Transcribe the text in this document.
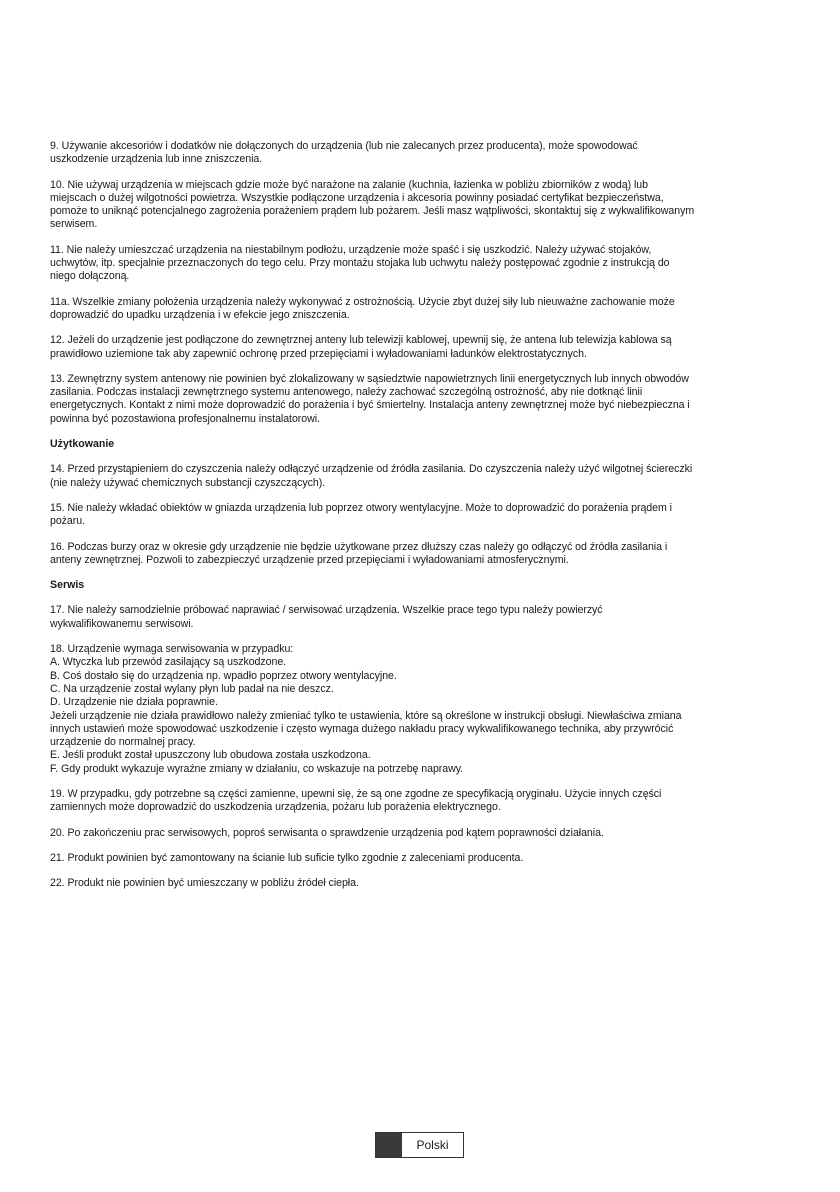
9. Używanie akcesoriów i dodatków nie dołączonych do urządzenia (lub nie zalecanych przez producenta), może spowodować
uszkodzenie urządzenia lub inne zniszczenia.

10. Nie używaj urządzenia w miejscach gdzie może być narażone na zalanie (kuchnia, łazienka w pobliżu zbiorników z wodą) lub
miejscach o dużej wilgotności powietrza. Wszystkie podłączone urządzenia i akcesoria powinny posiadać certyfikat bezpieczeństwa,
pomoże to uniknąć potencjalnego zagrożenia porażeniem prądem lub pożarem. Jeśli masz wątpliwości, skontaktuj się z wykwalifikowanym
serwisem.

11. Nie należy umieszczać urządzenia na niestabilnym podłożu, urządzenie może spaść i się uszkodzić. Należy używać stojaków,
uchwytów, itp. specjalnie przeznaczonych do tego celu. Przy montażu stojaka lub uchwytu należy postępować zgodnie z instrukcją do
niego dołączoną.

11a. Wszelkie zmiany położenia urządzenia należy wykonywać z ostrożnością. Użycie zbyt dużej siły lub nieuważne zachowanie może
doprowadzić do upadku urządzenia i w efekcie jego zniszczenia.

12. Jeżeli do urządzenie jest podłączone do zewnętrznej anteny lub telewizji kablowej, upewnij się, że antena lub telewizja kablowa są
prawidłowo uziemione tak aby zapewnić ochronę przed przepięciami i wyładowaniami ładunków elektrostatycznych.

13. Zewnętrzny system antenowy nie powinien być zlokalizowany w sąsiedztwie napowietrznych linii energetycznych lub innych obwodów
zasilania. Podczas instalacji zewnętrznego systemu antenowego, należy zachować szczególną ostrożność, aby nie dotknąć linii
energetycznych. Kontakt z nimi może doprowadzić do porażenia i być śmiertelny. Instalacja anteny zewnętrznej może być niebezpieczna i
powinna być pozostawiona profesjonalnemu instalatorowi.

Użytkowanie

14. Przed przystąpieniem do czyszczenia należy odłączyć urządzenie od źródła zasilania. Do czyszczenia należy użyć wilgotnej ściereczki
(nie należy używać chemicznych substancji czyszczących).

15. Nie należy wkładać obiektów w gniazda urządzenia lub poprzez otwory wentylacyjne. Może to doprowadzić do porażenia prądem i
pożaru.

16. Podczas burzy oraz w okresie gdy urządzenie nie będzie użytkowane przez dłuższy czas należy go odłączyć od źródła zasilania i
anteny zewnętrznej. Pozwoli to zabezpieczyć urządzenie przed przepięciami i wyładowaniami atmosferycznymi.

Serwis

17. Nie należy samodzielnie próbować naprawiać / serwisować urządzenia. Wszelkie prace tego typu należy powierzyć
wykwalifikowanemu serwisowi.

18. Urządzenie wymaga serwisowania w przypadku:
A. Wtyczka lub przewód zasilający są uszkodzone.
B. Coś dostało się do urządzenia np. wpadło poprzez otwory wentylacyjne.
C. Na urządzenie został wylany płyn lub padał na nie deszcz.
D. Urządzenie nie działa poprawnie.
Jeżeli urządzenie nie działa prawidłowo należy zmieniać tylko te ustawienia, które są określone w instrukcji obsługi. Niewłaściwa zmiana
innych ustawień może spowodować uszkodzenie i często wymaga dużego nakładu pracy wykwalifikowanego technika, aby przywrócić
urządzenie do normalnej pracy.
E. Jeśli produkt został upuszczony lub obudowa została uszkodzona.
F. Gdy produkt wykazuje wyraźne zmiany w działaniu, co wskazuje na potrzebę naprawy.

19. W przypadku, gdy potrzebne są części zamienne, upewni się, że są one zgodne ze specyfikacją oryginału. Użycie innych części
zamiennych może doprowadzić do uszkodzenia urządzenia, pożaru lub porażenia elektrycznego.

20. Po zakończeniu prac serwisowych, poproś serwisanta o sprawdzenie urządzenia pod kątem poprawności działania.

21. Produkt powinien być zamontowany na ścianie lub suficie tylko zgodnie z zaleceniami producenta.

22. Produkt nie powinien być umieszczany w pobliżu źródeł ciepła.

Polski
